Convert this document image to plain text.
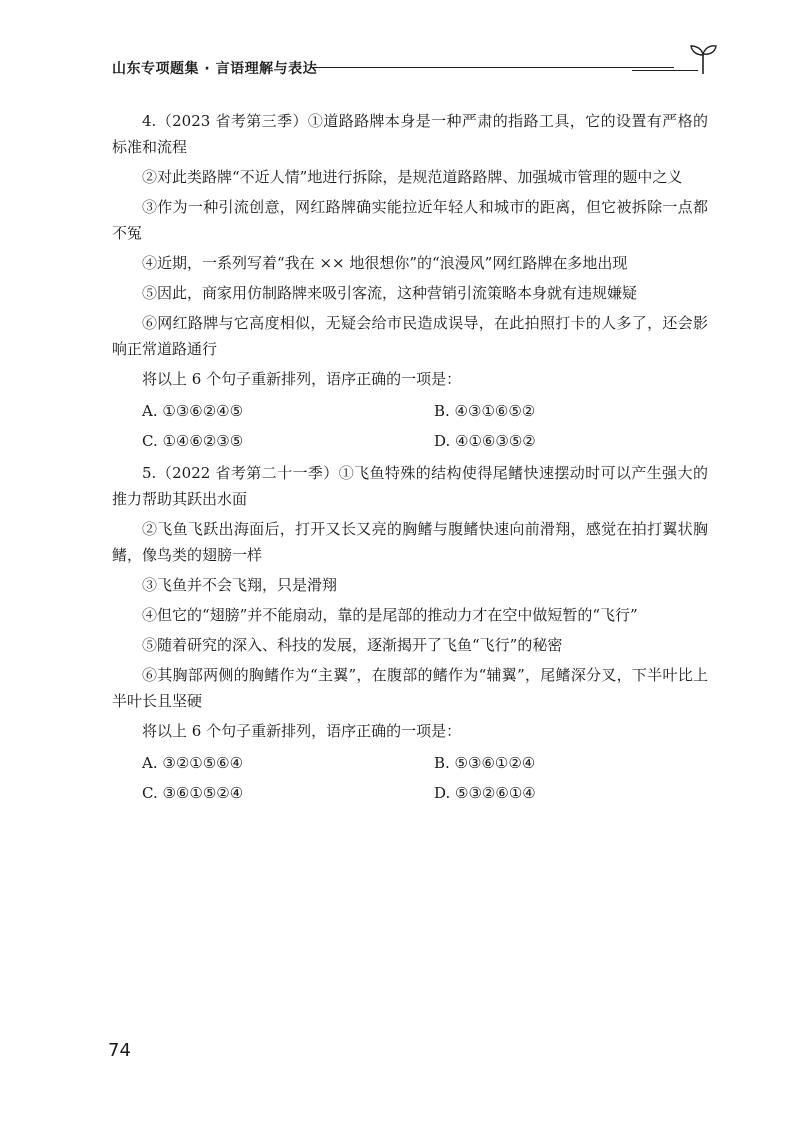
山东专项题集 · 言语理解与表达

4.（2023 省考第三季）①道路路牌本身是一种严肃的指路工具，它的设置有严格的标准和流程

②对此类路牌“不近人情”地进行拆除，是规范道路路牌、加强城市管理的题中之义

③作为一种引流创意，网红路牌确实能拉近年轻人和城市的距离，但它被拆除一点都不冤

④近期，一系列写着“我在 ×× 地很想你”的“浪漫风”网红路牌在多地出现

⑤因此，商家用仿制路牌来吸引客流，这种营销引流策略本身就有违规嫌疑

⑥网红路牌与它高度相似，无疑会给市民造成误导，在此拍照打卡的人多了，还会影响正常道路通行

将以上 6 个句子重新排列，语序正确的一项是：

A. ①③⑥②④⑤	B. ④③①⑥⑤②
C. ①④⑥②③⑤	D. ④①⑥③⑤②

5.（2022 省考第二十一季）①飞鱼特殊的结构使得尾鳍快速摆动时可以产生强大的推力帮助其跃出水面

②飞鱼飞跃出海面后，打开又长又亮的胸鳍与腹鳍快速向前滑翔，感觉在拍打翼状胸鳍，像鸟类的翅膀一样

③飞鱼并不会飞翔，只是滑翔

④但它的“翅膀”并不能扇动，靠的是尾部的推动力才在空中做短暂的“飞行”

⑤随着研究的深入、科技的发展，逐渐揭开了飞鱼“飞行”的秘密

⑥其胸部两侧的胸鳍作为“主翼”，在腹部的鳍作为“辅翼”，尾鳍深分叉，下半叶比上半叶长且坚硬

将以上 6 个句子重新排列，语序正确的一项是：

A. ③②①⑤⑥④	B. ⑤③⑥①②④
C. ③⑥①⑤②④	D. ⑤③②⑥①④
74
